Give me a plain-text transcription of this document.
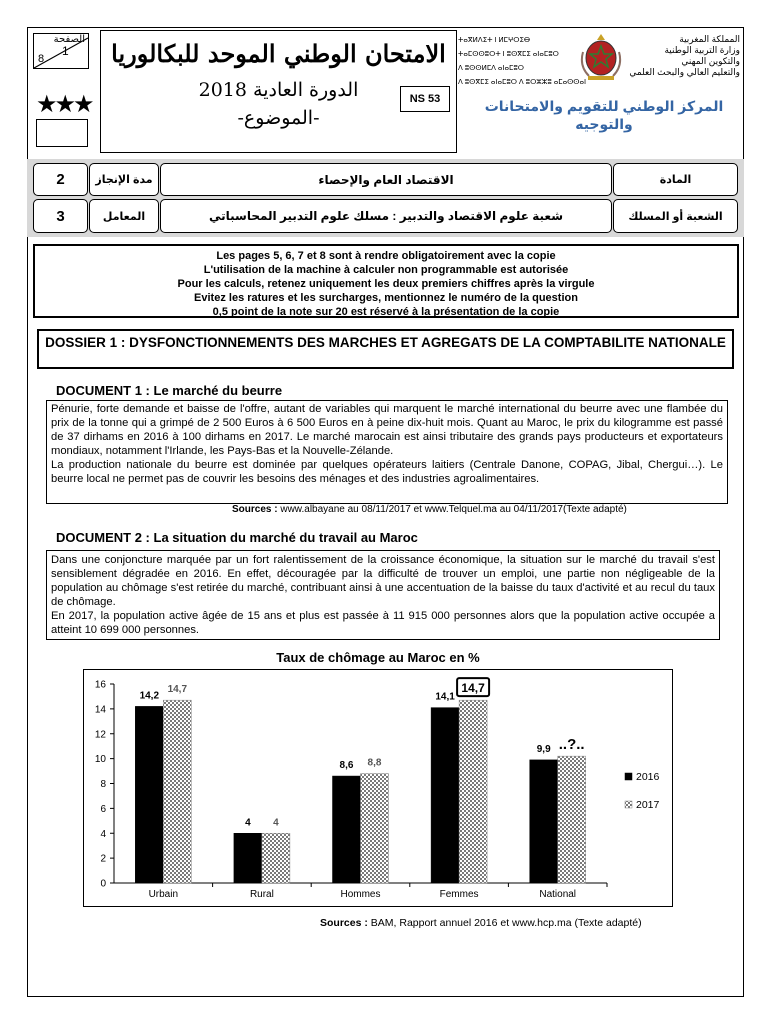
الصفحة
1
8
★★★
الامتحان الوطني الموحد للبكالوريا
الدورة العادية 2018
-الموضوع-
NS 53
ⵜⴰⴳⵍⴷⵉⵜ ⵏ ⵍⵎⵖⵔⵉⴱ
ⵜⴰⵎⵙⵙⵓⵔⵜ ⵏ ⵓⵙⴳⵎⵉ ⴰⵏⴰⵎⵓⵔ
ⴷ ⵓⵙⵙⵍⵎⴷ ⴰⵏⴰⵎⵓⵔ
ⴷ ⵓⵙⴳⵎⵉ ⴰⵏⴰⵎⵓⵔ ⴷ ⵓⵔⵣⵣⵓ ⴰⵎⴰⵙⵙⴰⵏ
المملكة المغربية
وزارة التربية الوطنية
والتكوين المهني
والتعليم العالي والبحث العلمي
المركز الوطني للتقويم والامتحانات والتوجيه
2	مدة الإنجاز	الاقتصاد العام والإحصاء	المادة
3	المعامل	شعبة علوم الاقتصاد والتدبير : مسلك علوم التدبير المحاسباتي	الشعبة أو المسلك
Les pages 5, 6, 7 et 8 sont à rendre obligatoirement avec la copie
L'utilisation de la machine à calculer non programmable est autorisée
Pour les calculs, retenez uniquement les deux premiers chiffres après la virgule
Evitez les ratures et les surcharges, mentionnez le numéro de la question
0,5 point de la note sur 20 est réservé à la présentation de la copie
DOSSIER 1 : DYSFONCTIONNEMENTS DES MARCHES ET AGREGATS DE LA COMPTABILITE NATIONALE
DOCUMENT 1 : Le marché du beurre
Pénurie, forte demande et baisse de l'offre, autant de variables qui marquent le marché international du beurre avec une flambée du prix de la tonne qui a grimpé de 2 500 Euros à 6 500 Euros en à peine dix-huit mois. Quant au Maroc, le prix du kilogramme est passé de 37 dirhams en 2016 à 100 dirhams en 2017. Le marché marocain est ainsi tributaire des grands pays producteurs et exportateurs mondiaux, notamment l'Irlande, les Pays-Bas et la Nouvelle-Zélande.
La production nationale du beurre est dominée par quelques opérateurs laitiers (Centrale Danone, COPAG, Jibal, Chergui…). Le beurre local ne permet pas de couvrir les besoins des ménages et des industries agroalimentaires.
Sources : www.albayane au 08/11/2017 et www.Telquel.ma au 04/11/2017(Texte adapté)
DOCUMENT 2 : La situation du marché du travail au Maroc
Dans une conjoncture marquée par un fort ralentissement de la croissance économique, la situation sur le marché du travail s'est sensiblement dégradée en 2016. En effet, découragée par la difficulté de trouver un emploi, une partie non négligeable de la population au chômage s'est retirée du marché, contribuant ainsi à une accentuation de la baisse du taux d'activité et au recul du taux de chômage.
En 2017, la population active âgée de 15 ans et plus est passée à 11 915 000 personnes alors que la population active occupée a atteint 10 699 000 personnes.
Taux de chômage au Maroc en %
0
2
4
6
8
10
12
14
16
Urbain
14,2
14,7
Rural
4 4
Hommes
8,6 8,8
Femmes
14,1
14,7
National
9,9 ..?..
2016
2017
Sources : BAM, Rapport annuel 2016 et www.hcp.ma (Texte adapté)
